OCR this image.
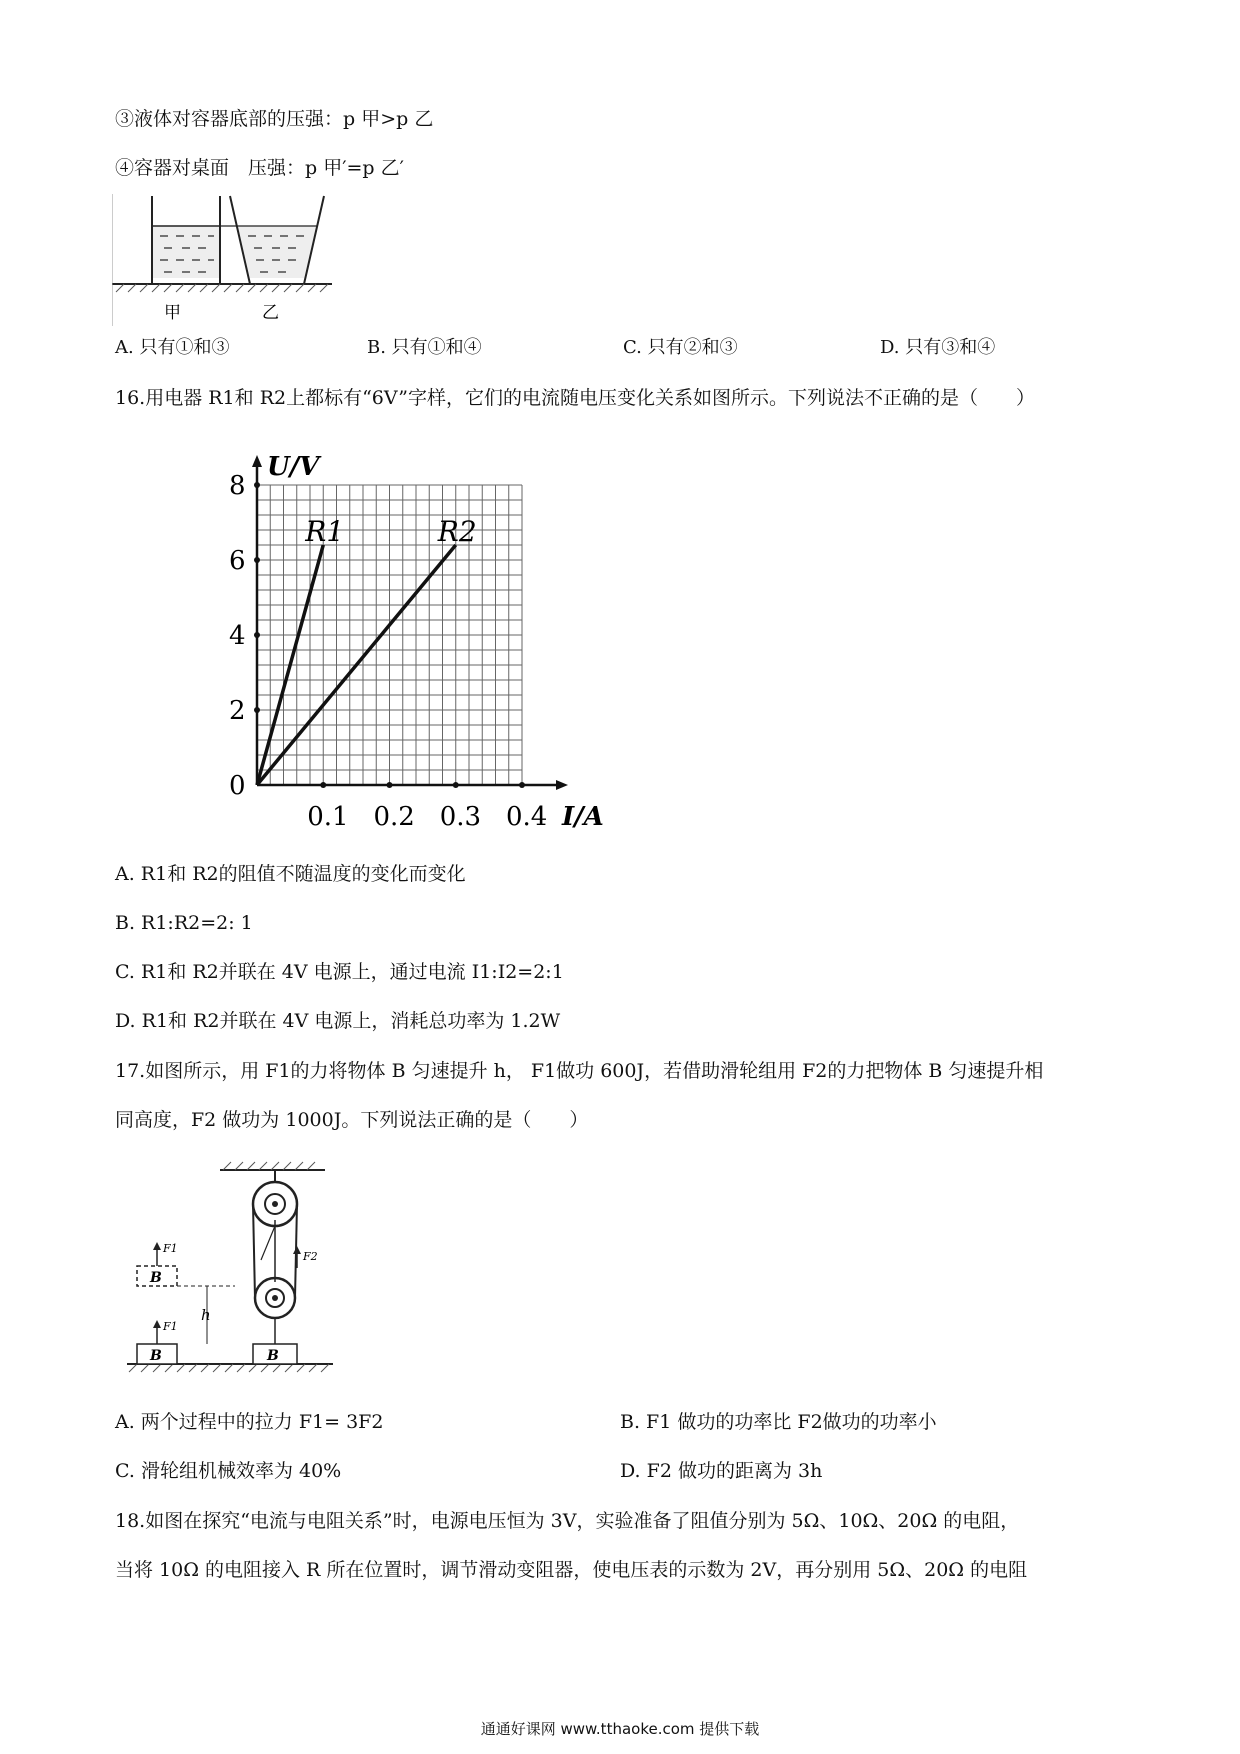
③液体对容器底部的压强：p 甲>p 乙
④容器对桌面　压强：p 甲′=p 乙′
甲	乙
A. 只有①和③	B. 只有①和④	C. 只有②和③	D. 只有③和④
16.用电器 R1和 R2上都标有“6V”字样，它们的电流随电压变化关系如图所示。下列说法不正确的是（　　）
0.1 0.2 0.3 0.4
0
2
4
6
8
U/V
I/A
R1	R2
A. R1和 R2的阻值不随温度的变化而变化
B. R1:R2=2: 1
C. R1和 R2并联在 4V 电源上，通过电流 I1:I2=2:1
D. R1和 R2并联在 4V 电源上，消耗总功率为 1.2W
17.如图所示，用 F1的力将物体 B 匀速提升 h， F1做功 600J，若借助滑轮组用 F2的力把物体 B 匀速提升相
同高度，F2 做功为 1000J。下列说法正确的是（　　）
B
F1
B
F1
h
B
F2
A. 两个过程中的拉力 F1= 3F2	B. F1 做功的功率比 F2做功的功率小
C. 滑轮组机械效率为 40%	D. F2 做功的距离为 3h
18.如图在探究“电流与电阻关系”时，电源电压恒为 3V，实验准备了阻值分别为 5Ω、10Ω、20Ω 的电阻，
当将 10Ω 的电阻接入 R 所在位置时，调节滑动变阻器，使电压表的示数为 2V，再分别用 5Ω、20Ω 的电阻
通通好课网 www.tthaoke.com 提供下载
